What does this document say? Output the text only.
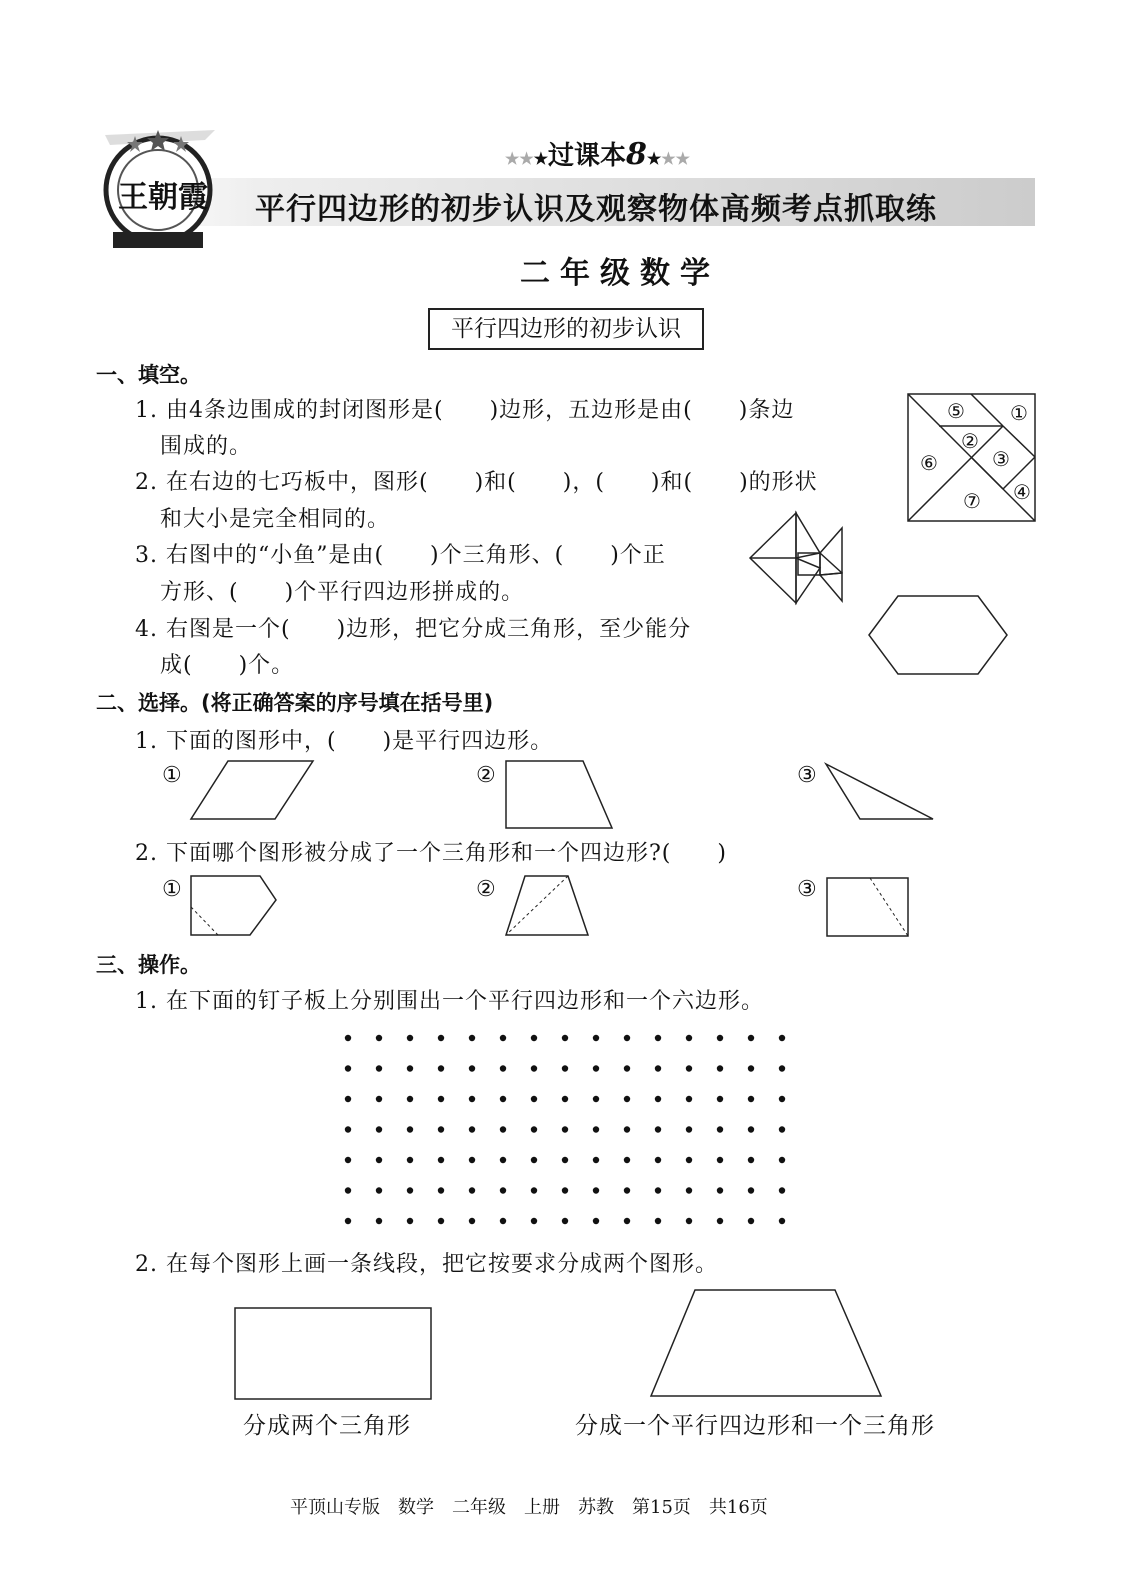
王朝霞
★★★过课本8★★★
平行四边形的初步认识及观察物体高频考点抓取练
二年级数学
平行四边形的初步认识
一、填空。
1. 由4条边围成的封闭图形是(　　)边形，五边形是由(　　)条边
围成的。
2. 在右边的七巧板中，图形(　　)和(　　)，(　　)和(　　)的形状
和大小是完全相同的。
3. 右图中的“小鱼”是由(　　)个三角形、(　　)个正
方形、(　　)个平行四边形拼成的。
4. 右图是一个(　　)边形，把它分成三角形，至少能分
成(　　)个。
⑤ ①
②
③
⑥
⑦ ④
二、选择。(将正确答案的序号填在括号里)
1. 下面的图形中，(　　)是平行四边形。
①	②	③
2. 下面哪个图形被分成了一个三角形和一个四边形?(　　)
①	②	③
三、操作。
1. 在下面的钉子板上分别围出一个平行四边形和一个六边形。
2. 在每个图形上画一条线段，把它按要求分成两个图形。
分成两个三角形	分成一个平行四边形和一个三角形
平顶山专版　数学　二年级　上册　苏教　第15页　共16页
